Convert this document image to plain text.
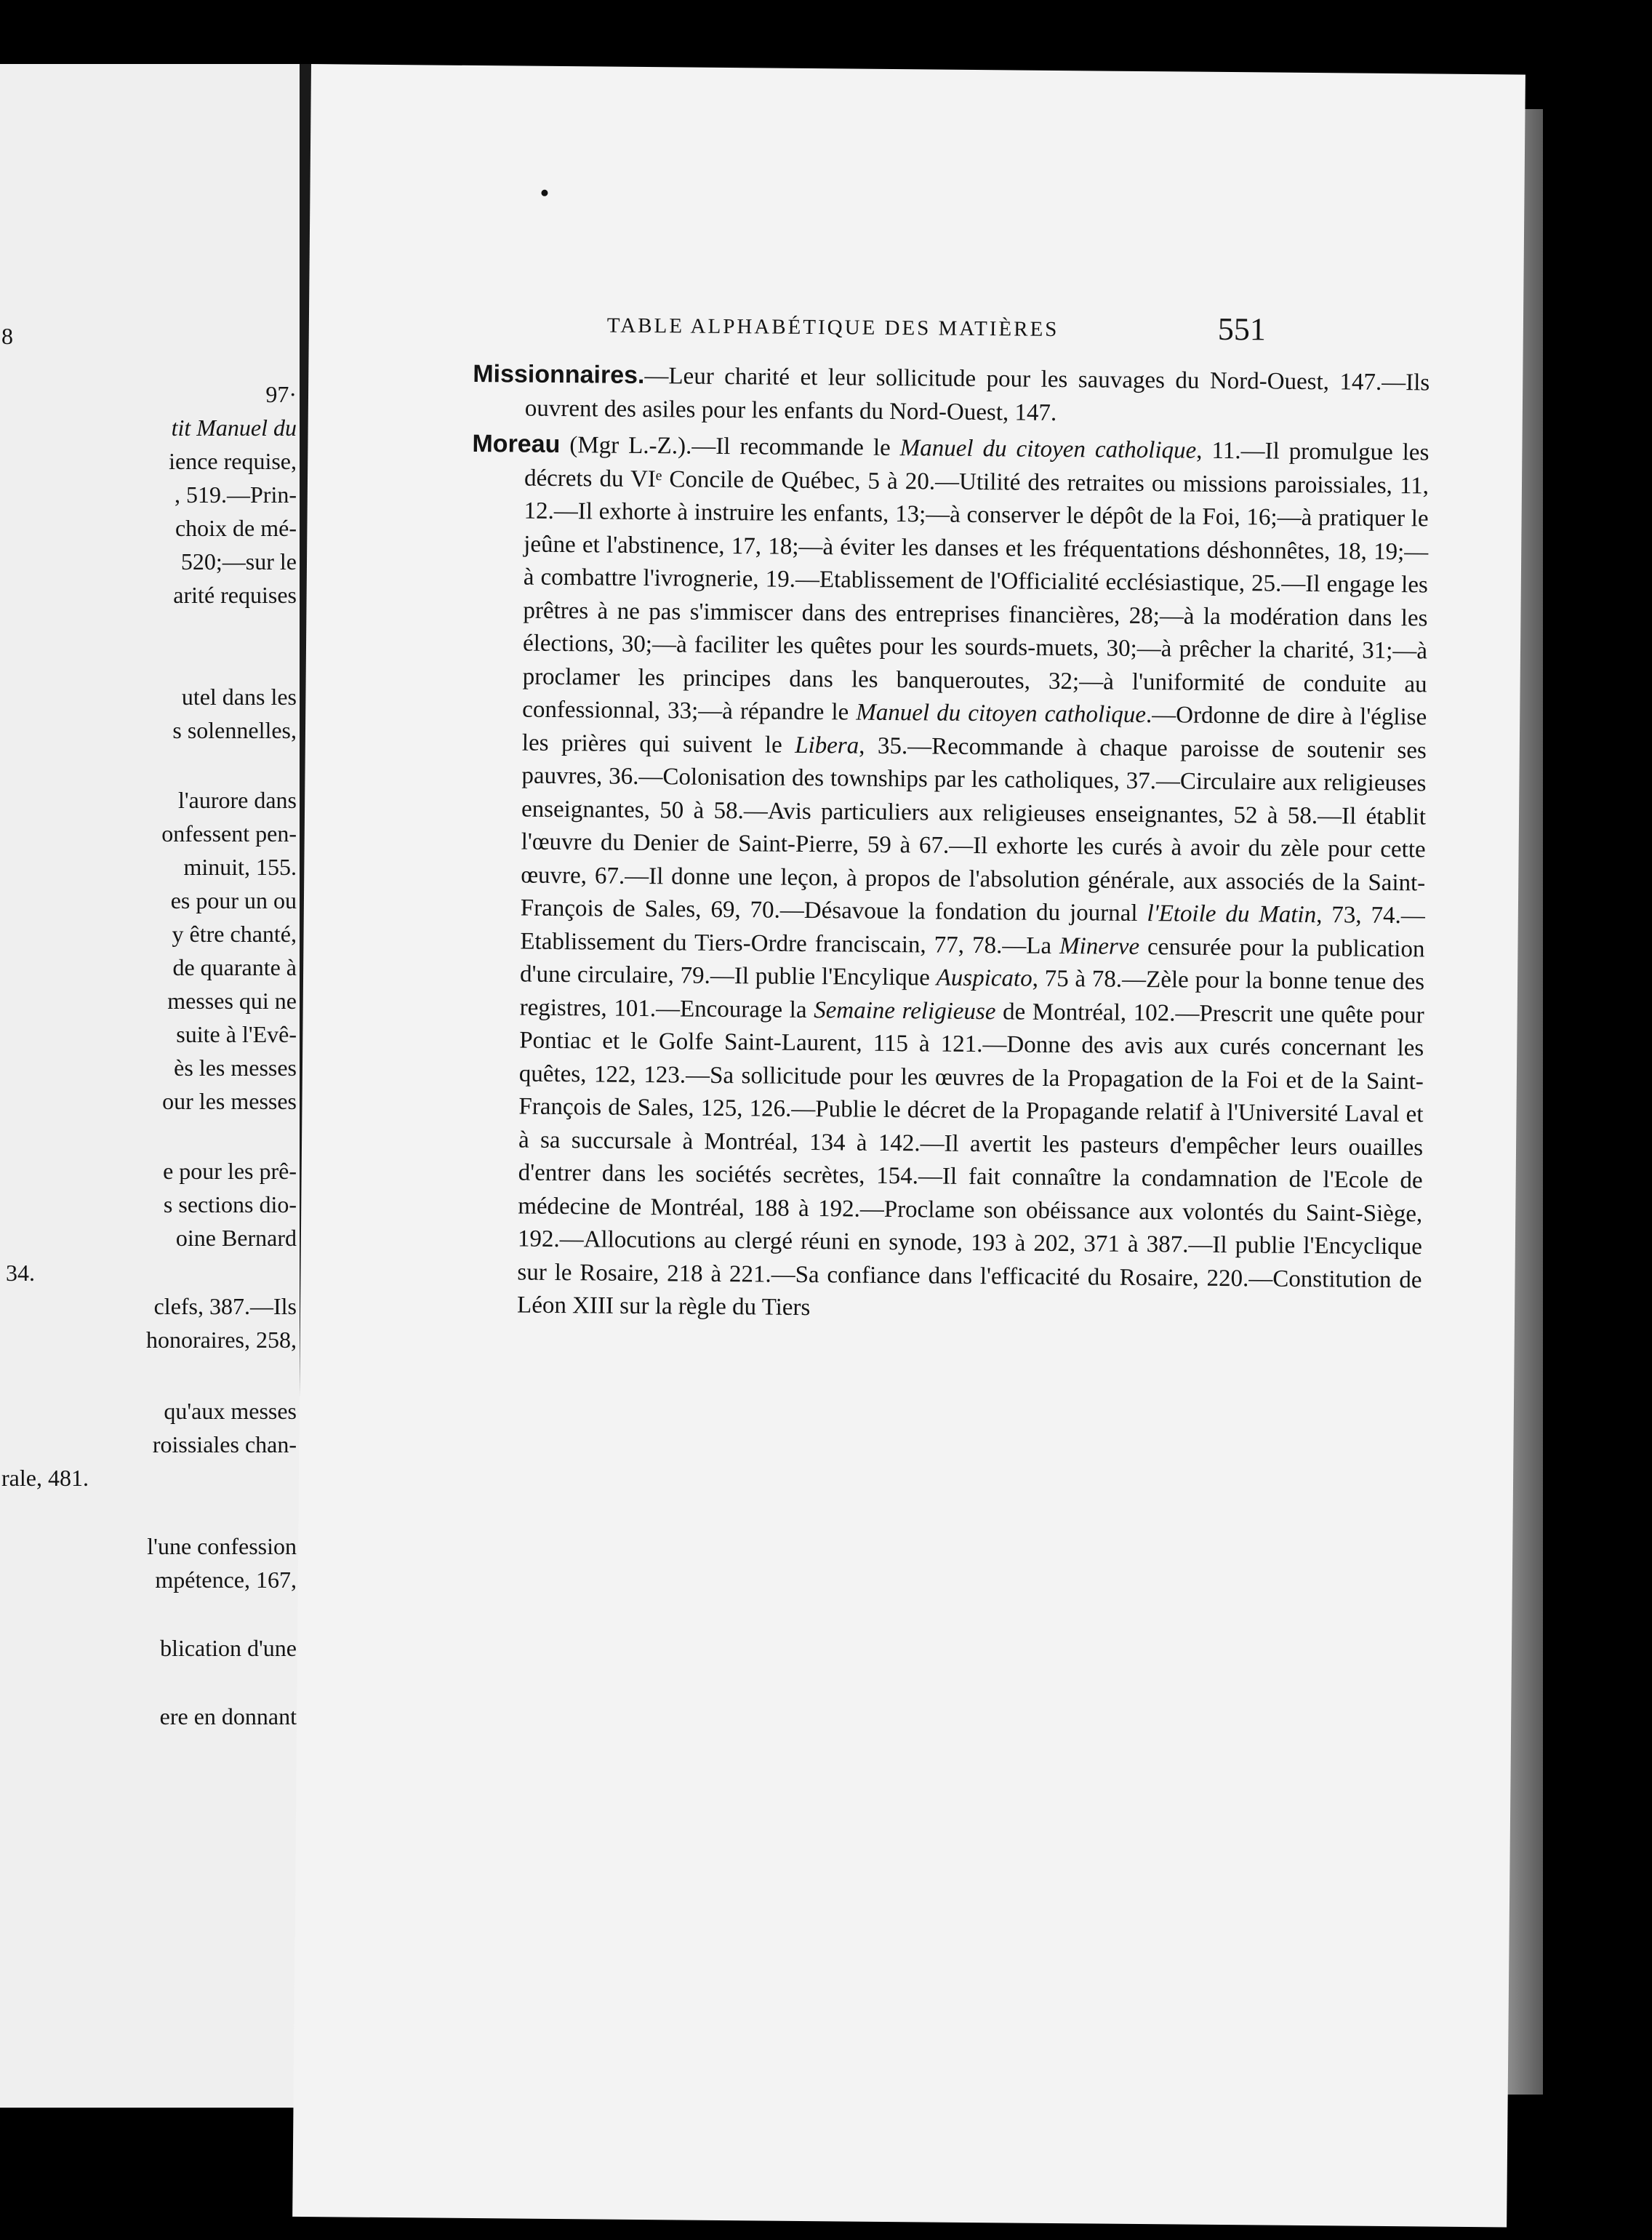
8
97·
tit Manuel du
ience requise,
, 519.—Prin-
choix de mé-
520;—sur le
arité requises
utel dans les
s solennelles,
l'aurore dans
onfessent pen-
minuit, 155.
es pour un ou
y être chanté,
de quarante à
messes qui ne
suite à l'Evê-
ès les messes
our les messes
e pour les prê-
s sections dio-
oine Bernard
34.
clefs, 387.—Ils
honoraires, 258,
qu'aux messes
roissiales chan-
rale, 481.
l'une confession
mpétence, 167,
blication d'une
ere en donnant
TABLE ALPHABÉTIQUE DES MATIÈRES	551

Missionnaires.—Leur charité et leur sollicitude pour les sauvages du Nord-Ouest, 147.—Ils ouvrent des asiles pour les enfants du Nord-Ouest, 147.

Moreau (Mgr L.-Z.).—Il recommande le Manuel du citoyen catholique, 11.—Il promulgue les décrets du VIᵉ Concile de Québec, 5 à 20.—Utilité des retraites ou missions paroissiales, 11, 12.—Il exhorte à instruire les enfants, 13;—à conserver le dépôt de la Foi, 16;—à pratiquer le jeûne et l'abstinence, 17, 18;—à éviter les danses et les fréquentations déshonnêtes, 18, 19;—à combattre l'ivrognerie, 19.—Etablissement de l'Officialité ecclésiastique, 25.—Il engage les prêtres à ne pas s'immiscer dans des entreprises financières, 28;—à la modération dans les élections, 30;—à faciliter les quêtes pour les sourds-muets, 30;—à prêcher la charité, 31;—à proclamer les principes dans les banqueroutes, 32;—à l'uniformité de conduite au confessionnal, 33;—à répandre le Manuel du citoyen catholique.—Ordonne de dire à l'église les prières qui suivent le Libera, 35.—Recommande à chaque paroisse de soutenir ses pauvres, 36.—Colonisation des townships par les catholiques, 37.—Circulaire aux religieuses enseignantes, 50 à 58.—Avis particuliers aux religieuses enseignantes, 52 à 58.—Il établit l'œuvre du Denier de Saint-Pierre, 59 à 67.—Il exhorte les curés à avoir du zèle pour cette œuvre, 67.—Il donne une leçon, à propos de l'absolution générale, aux associés de la Saint-François de Sales, 69, 70.—Désavoue la fondation du journal l'Etoile du Matin, 73, 74.—Etablissement du Tiers-Ordre franciscain, 77, 78.—La Minerve censurée pour la publication d'une circulaire, 79.—Il publie l'Encylique Auspicato, 75 à 78.—Zèle pour la bonne tenue des registres, 101.—Encourage la Semaine religieuse de Montréal, 102.—Prescrit une quête pour Pontiac et le Golfe Saint-Laurent, 115 à 121.—Donne des avis aux curés concernant les quêtes, 122, 123.—Sa sollicitude pour les œuvres de la Propagation de la Foi et de la Saint-François de Sales, 125, 126.—Publie le décret de la Propagande relatif à l'Université Laval et à sa succursale à Montréal, 134 à 142.—Il avertit les pasteurs d'empêcher leurs ouailles d'entrer dans les sociétés secrètes, 154.—Il fait connaître la condamnation de l'Ecole de médecine de Montréal, 188 à 192.—Proclame son obéissance aux volontés du Saint-Siège, 192.—Allocutions au clergé réuni en synode, 193 à 202, 371 à 387.—Il publie l'Encyclique sur le Rosaire, 218 à 221.—Sa confiance dans l'efficacité du Rosaire, 220.—Constitution de Léon XIII sur la règle du Tiers
